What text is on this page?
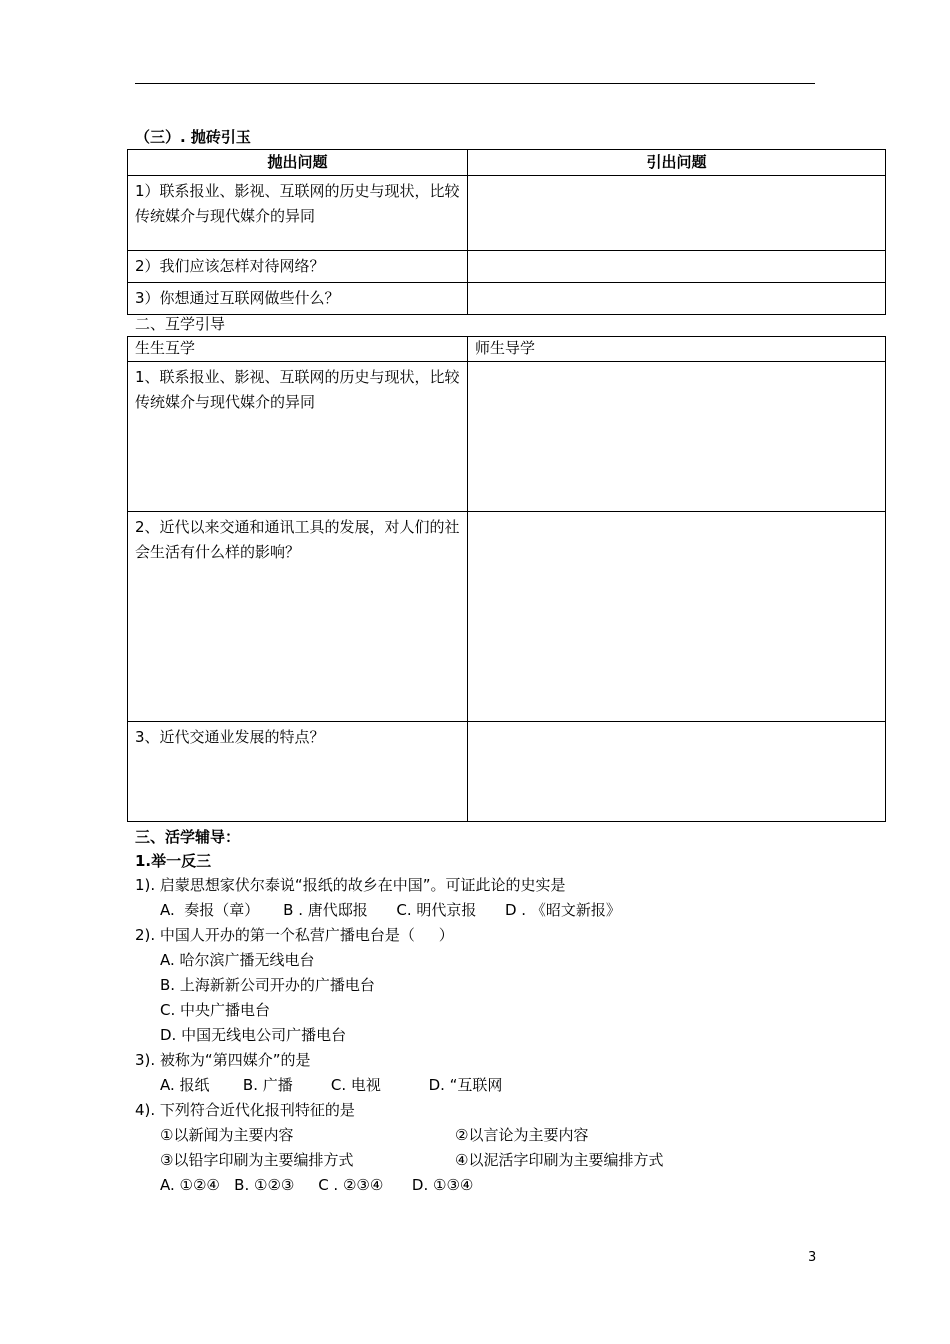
（三）. 抛砖引玉
抛出问题	引出问题
1）联系报业、影视、互联网的历史与现状，比较传统媒介与现代媒介的异同	
2）我们应该怎样对待网络？	
3）你想通过互联网做些什么？	
二、互学引导
生生互学	师生导学
1、联系报业、影视、互联网的历史与现状，比较传统媒介与现代媒介的异同	
2、近代以来交通和通讯工具的发展，对人们的社会生活有什么样的影响？	
3、近代交通业发展的特点？	
三、活学辅导：
1.举一反三
1). 启蒙思想家伏尔泰说“报纸的故乡在中国”。可证此论的史实是
A.  奏报（章）     B . 唐代邸报      C. 明代京报      D . 《昭文新报》
2). 中国人开办的第一个私营广播电台是（     ）
A. 哈尔滨广播无线电台
B. 上海新新公司开办的广播电台
C. 中央广播电台
D. 中国无线电公司广播电台
3). 被称为“第四媒介”的是
A. 报纸       B. 广播        C. 电视          D. “互联网
4). 下列符合近代化报刊特征的是
①以新闻为主要内容	②以言论为主要内容
③以铅字印刷为主要编排方式	④以泥活字印刷为主要编排方式
A. ①②④   B. ①②③     C . ②③④      D. ①③④
3
